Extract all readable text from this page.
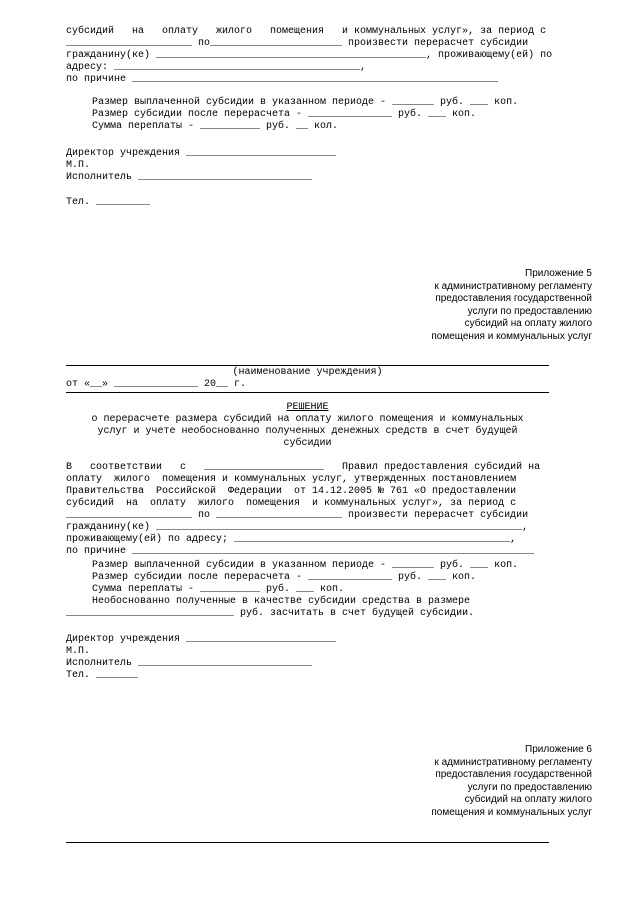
субсидий   на   оплату   жилого   помещения   и коммунальных услуг», за период с
_____________________ по______________________ произвести перерасчет субсидии
гражданину(ке) _____________________________________________, проживающему(ей) по
адресу: _________________________________________,
по причине _____________________________________________________________
Размер выплаченной субсидии в указанном периоде - _______ руб. ___ коп.
Размер субсидии после перерасчета - ______________ руб. ___ коп.
Сумма переплаты - __________ руб. __ кол.
Директор учреждения _________________________
М.П.
Исполнитель _____________________________
Тел. _________
Приложение 5
к административному регламенту
предоставления государственной
услуги по предоставлению
субсидий на оплату жилого
помещения и коммунальных услуг
(наименование учреждения)
от «__» ______________ 20__ г.
РЕШЕНИЕ
о перерасчете размера субсидий на оплату жилого помещения и коммунальных
услуг и учете необоснованно полученных денежных средств в счет будущей
субсидии
В   соответствии   с   ____________________   Правил предоставления субсидий на
оплату  жилого  помещения и коммунальных услуг, утвержденных постановлением
Правительства  Российской  Федерации  от 14.12.2005 № 761 «О предоставлении
субсидий  на  оплату  жилого  помещения  и коммунальных услуг», за период с
_____________________ по _____________________ произвести перерасчет субсидии
гражданину(ке) _____________________________________________________________,
проживающему(ей) по адресу; ______________________________________________,
по причине ___________________________________________________________________
Размер выплаченной субсидии в указанном периоде - _______ руб. ___ коп.
Размер субсидии после перерасчета - ______________ руб. ___ коп.
Сумма переплаты - __________ руб. ___ коп.
Необоснованно полученные в качестве субсидии средства в размере
____________________________ руб. засчитать в счет будущей субсидии.
Директор учреждения _________________________
М.П.
Исполнитель _____________________________
Тел. _______
Приложение 6
к административному регламенту
предоставления государственной
услуги по предоставлению
субсидий на оплату жилого
помещения и коммунальных услуг
